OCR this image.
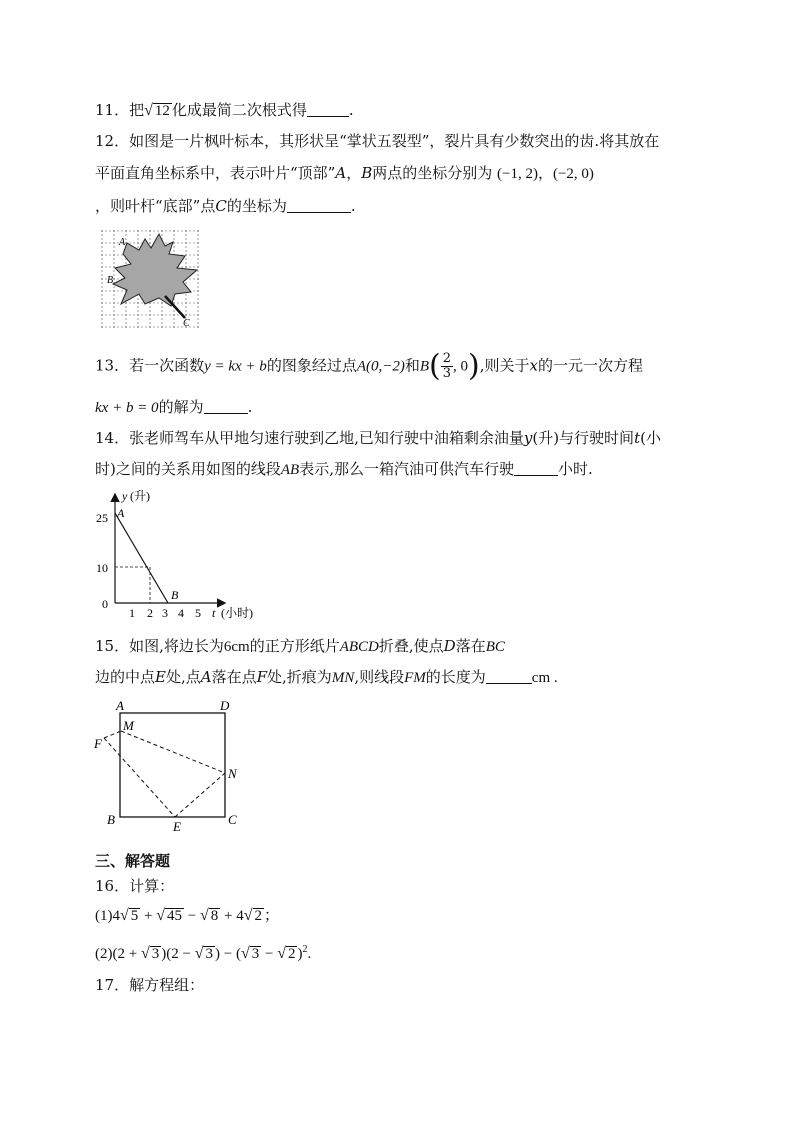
11．把√ 12 化成最简二次根式得	.
12．如图是一片枫叶标本，其形状呈“掌状五裂型”，裂片具有少数突出的齿.将其放在
平面直角坐标系中，表示叶片“顶部”A，B两点的坐标分别为 (−1, 2)，(−2, 0)
，则叶杆“底部”点C的坐标为	.
A
B
C
13．若一次函数y = kx + b的图象经过点A(0,−2)和$B( \frac{2}{3}$ , 0),则关于x的一元一次方程
kx + b = 0的解为	.
14．张老师驾车从甲地匀速行驶到乙地,已知行驶中油箱剩余油量y(升)与行驶时间t(小
时)之间的关系用如图的线段AB表示,那么一箱汽油可供汽车行驶	小时.
y (升)
25
10
0
1 2 3 4 5 t (小时)
A
B
15．如图,将边长为6cm的正方形纸片ABCD折叠,使点D落在BC
边的中点E处,点A落在点F处,折痕为MN,则线段FM的长度为	cm .
A	D
M
F
N
B	E	C
三、解答题
16．计算：
(1)4√ 5 + √ 45 − √ 8 + 4√ 2 ；
(2)(2 + √ 3 )(2 − √ 3 ) − (√ 3 − √ 2 )$^2$.
17．解方程组：
